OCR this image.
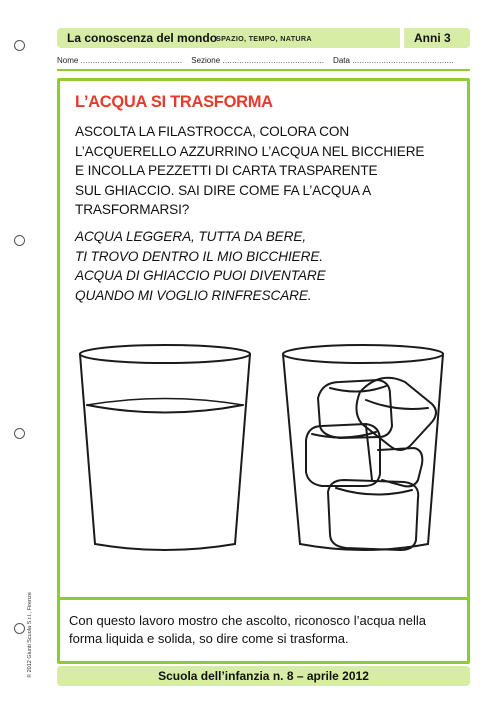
La conoscenza del mondo
SPAZIO, TEMPO, NATURA	Anni 3
Nome .......................................... Sezione .......................................... Data ..........................................
L’ACQUA SI TRASFORMA
ASCOLTA LA FILASTROCCA, COLORA CON
L’ACQUERELLO AZZURRINO L’ACQUA NEL BICCHIERE
E INCOLLA PEZZETTI DI CARTA TRASPARENTE
SUL GHIACCIO. SAI DIRE COME FA L’ACQUA A
TRASFORMARSI?
ACQUA LEGGERA, TUTTA DA BERE,
TI TROVO DENTRO IL MIO BICCHIERE.
ACQUA DI GHIACCIO PUOI DIVENTARE
QUANDO MI VOGLIO RINFRESCARE.
Con questo lavoro mostro che ascolto, riconosco l’acqua nella forma liquida e solida, so dire come si trasforma.
Scuola dell’infanzia n. 8 – aprile 2012
© 2012 Giunti Scuola S.r.l., Firenze
